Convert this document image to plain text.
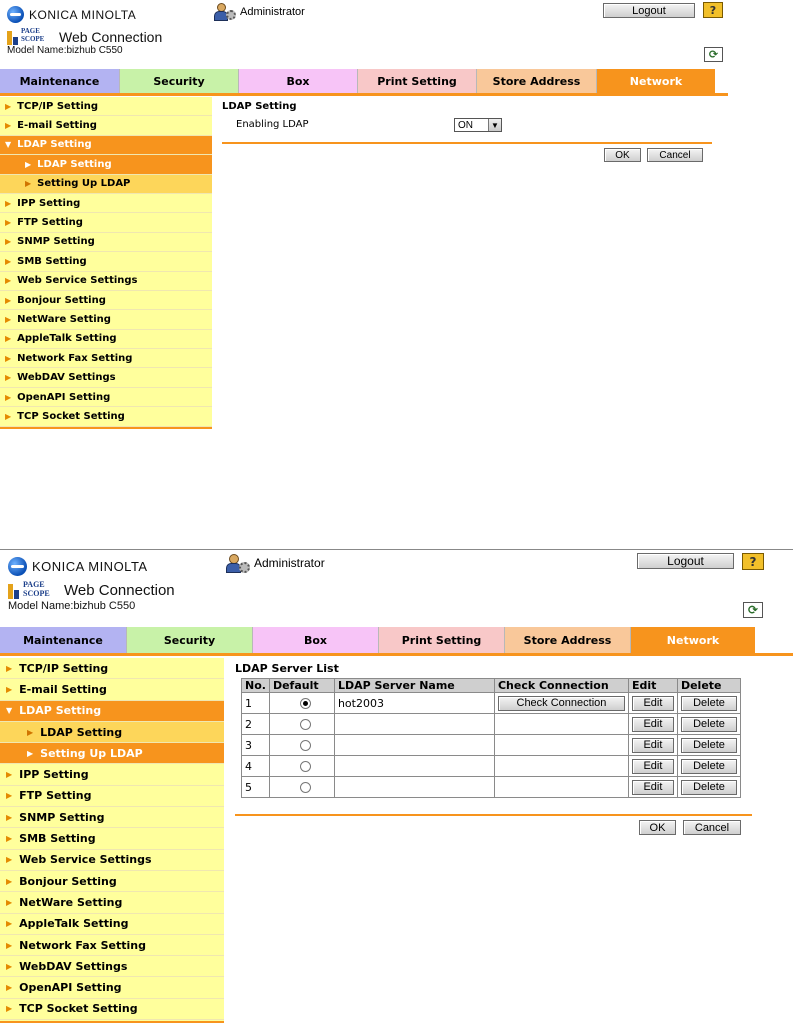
KONICA MINOLTA	Administrator	Logout	?
PAGE
SCOPE Web Connection
Model Name:bizhub C550	⟳
Maintenance	Security	Box	Print Setting	Store Address	Network
▶ TCP/IP Setting
▶ E-mail Setting
▼ LDAP Setting
▶ LDAP Setting
▶ Setting Up LDAP
▶ IPP Setting
▶ FTP Setting
▶ SNMP Setting
▶ SMB Setting
▶ Web Service Settings
▶ Bonjour Setting
▶ NetWare Setting
▶ AppleTalk Setting
▶ Network Fax Setting
▶ WebDAV Settings
▶ OpenAPI Setting
▶ TCP Socket Setting
LDAP Setting
Enabling LDAP	ON	▼
OK	Cancel
KONICA MINOLTA	Administrator	Logout	?
PAGE
SCOPE Web Connection
Model Name:bizhub C550	⟳
Maintenance	Security	Box	Print Setting	Store Address	Network
▶ TCP/IP Setting
▶ E-mail Setting
▼ LDAP Setting
▶ LDAP Setting
▶ Setting Up LDAP
▶ IPP Setting
▶ FTP Setting
▶ SNMP Setting
▶ SMB Setting
▶ Web Service Settings
▶ Bonjour Setting
▶ NetWare Setting
▶ AppleTalk Setting
▶ Network Fax Setting
▶ WebDAV Settings
▶ OpenAPI Setting
▶ TCP Socket Setting
LDAP Server List
No.	Default	LDAP Server Name	Check Connection	Edit	Delete
1		hot2003	Check Connection	Edit	Delete

2				Edit	Delete

3				Edit	Delete

4				Edit	Delete

5				Edit	Delete
OK	Cancel
